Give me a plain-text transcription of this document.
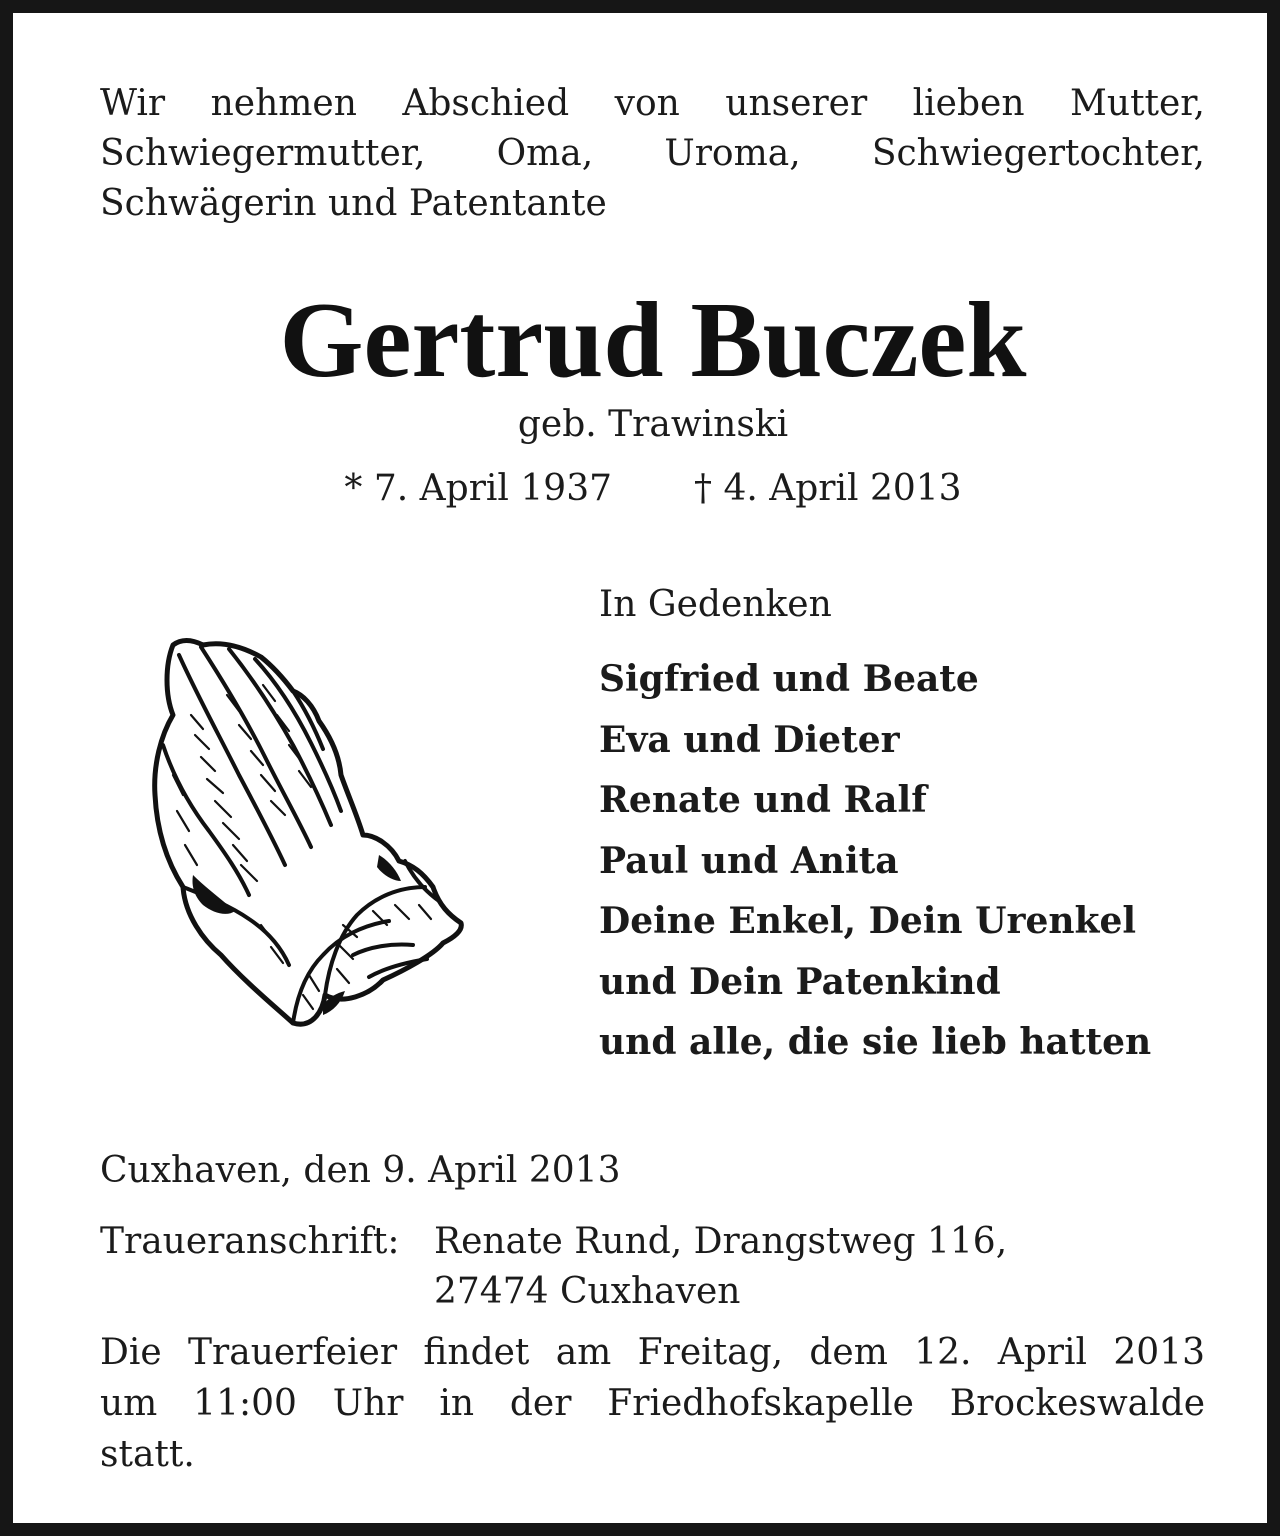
Wir nehmen Abschied von unserer lieben Mutter,
Schwiegermutter, Oma, Uroma, Schwiegertochter,
Schwägerin und Patentante
Gertrud Buczek
geb. Trawinski
* 7. April 1937 † 4. April 2013
In Gedenken
Sigfried und Beate
Eva und Dieter
Renate und Ralf
Paul und Anita
Deine Enkel, Dein Urenkel
und Dein Patenkind
und alle, die sie lieb hatten
Cuxhaven, den 9. April 2013
Traueranschrift: Renate Rund, Drangstweg 116,
27474 Cuxhaven
Die Trauerfeier findet am Freitag, dem 12. April 2013
um 11:00 Uhr in der Friedhofskapelle Brockeswalde
statt.
